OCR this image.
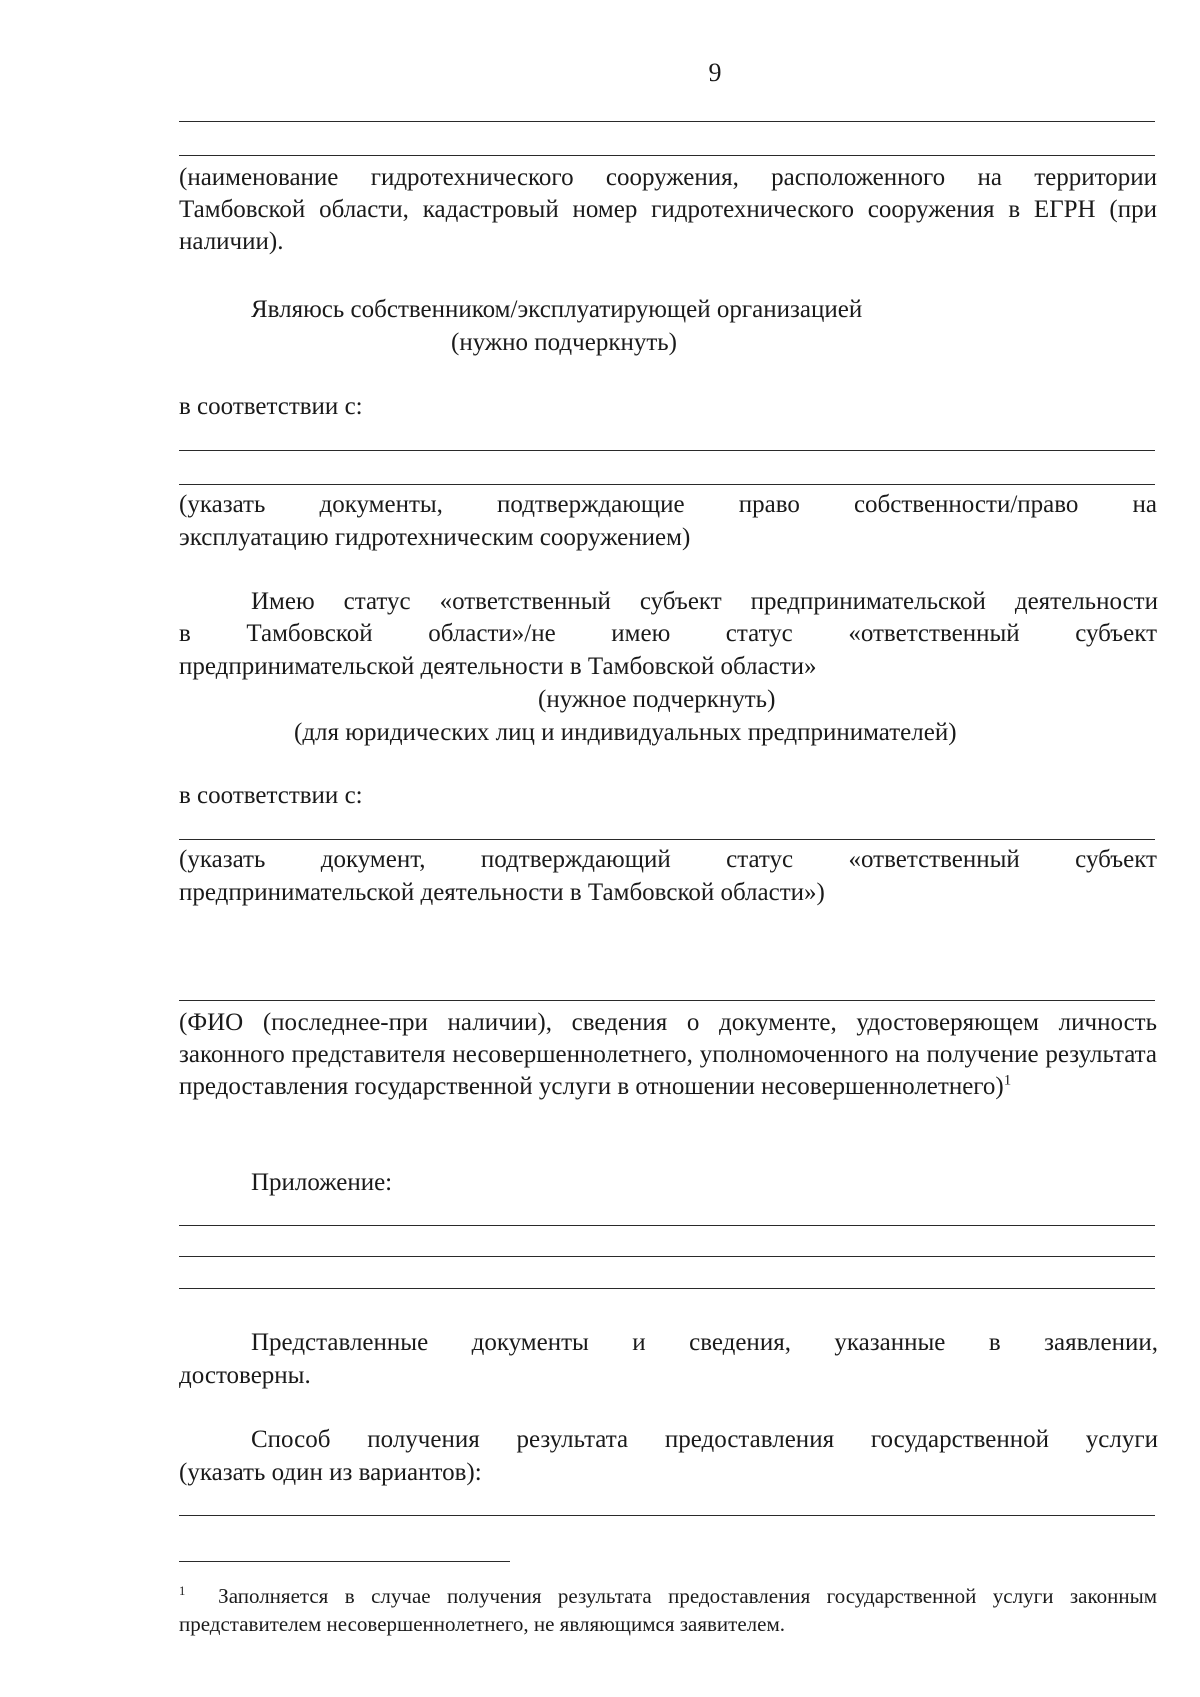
9
(наименование гидротехнического сооружения, расположенного на территории Тамбовской области, кадастровый номер гидротехнического сооружения в ЕГРН (при наличии).
Являюсь собственником/эксплуатирующей организацией
(нужно подчеркнуть)
в соответствии с:
(указать документы, подтверждающие право собственности/право на
эксплуатацию гидротехническим сооружением)
Имею статус «ответственный субъект предпринимательской деятельности
в Тамбовской области»/не имею статус «ответственный субъект
предпринимательской деятельности в Тамбовской области»
(нужное подчеркнуть)
(для юридических лиц и индивидуальных предпринимателей)
в соответствии с:
(указать документ, подтверждающий статус «ответственный субъект
предпринимательской деятельности в Тамбовской области»)
(ФИО (последнее-при наличии), сведения о документе, удостоверяющем личность законного представителя несовершеннолетнего, уполномоченного на получение результата предоставления государственной услуги в отношении несовершеннолетнего)$^1$
Приложение:
Представленные документы и сведения, указанные в заявлении,
достоверны.
Способ получения результата предоставления государственной услуги
(указать один из вариантов):
$^1$ Заполняется в случае получения результата предоставления государственной услуги законным представителем несовершеннолетнего, не являющимся заявителем.
